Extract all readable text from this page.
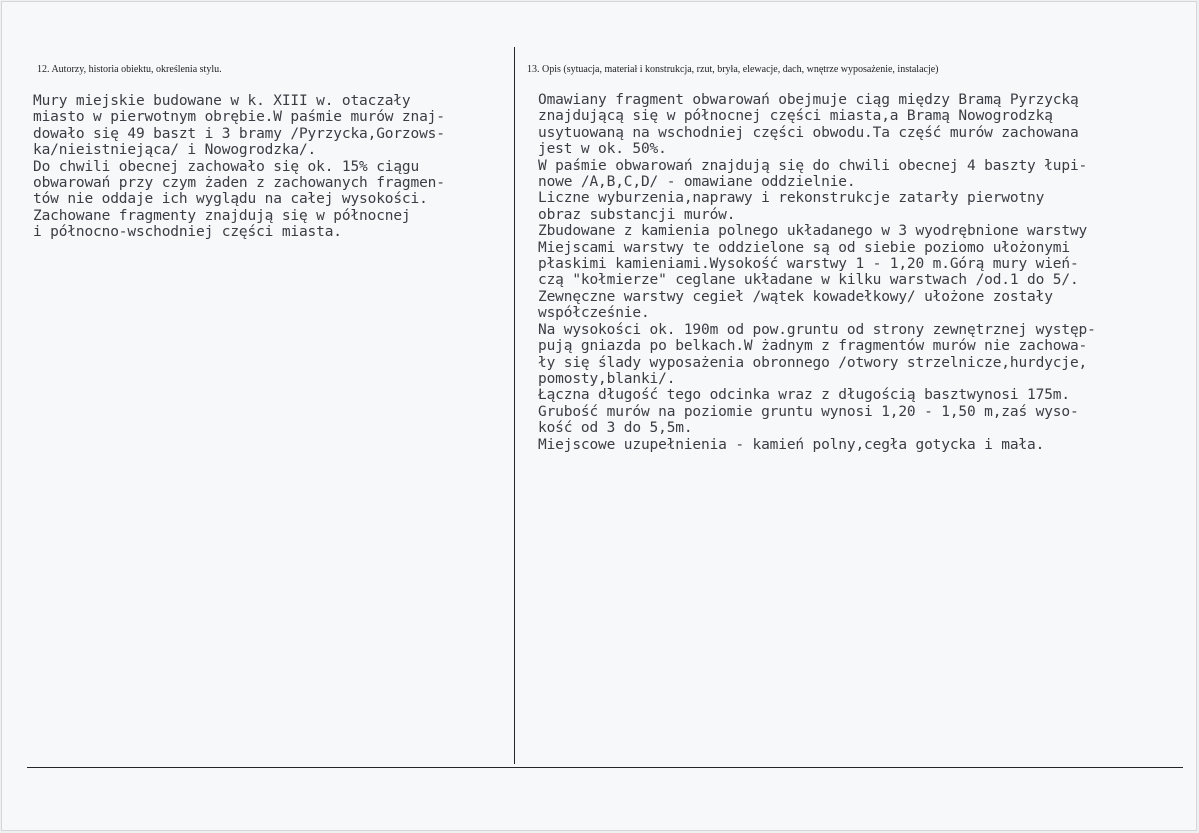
12. Autorzy, historia obiektu, określenia stylu.	13. Opis (sytuacja, materiał i konstrukcja, rzut, bryła, elewacje, dach, wnętrze wyposażenie, instalacje)
Mury miejskie budowane w k. XIII w. otaczały
miasto w pierwotnym obrębie.W paśmie murów znaj-
dowało się 49 baszt i 3 bramy /Pyrzycka,Gorzows-
ka/nieistniejąca/ i Nowogrodzka/.
Do chwili obecnej zachowało się ok. 15% ciągu
obwarowań przy czym żaden z zachowanych fragmen-
tów nie oddaje ich wyglądu na całej wysokości.
Zachowane fragmenty znajdują się w północnej
i północno-wschodniej części miasta.
Omawiany fragment obwarowań obejmuje ciąg między Bramą Pyrzycką
znajdującą się w północnej części miasta,a Bramą Nowogrodzką
usytuowaną na wschodniej części obwodu.Ta część murów zachowana
jest w ok. 50%.
W paśmie obwarowań znajdują się do chwili obecnej 4 baszty łupi-
nowe /A,B,C,D/ - omawiane oddzielnie.
Liczne wyburzenia,naprawy i rekonstrukcje zatarły pierwotny
obraz substancji murów.
Zbudowane z kamienia polnego układanego w 3 wyodrębnione warstwy
Miejscami warstwy te oddzielone są od siebie poziomo ułożonymi
płaskimi kamieniami.Wysokość warstwy 1 - 1,20 m.Górą mury wień-
czą "kołmierze" ceglane układane w kilku warstwach /od.1 do 5/.
Zewnęczne warstwy cegieł /wątek kowadełkowy/ ułożone zostały
współcześnie.
Na wysokości ok. 190m od pow.gruntu od strony zewnętrznej występ-
pują gniazda po belkach.W żadnym z fragmentów murów nie zachowa-
ły się ślady wyposażenia obronnego /otwory strzelnicze,hurdycje,
pomosty,blanki/.
Łączna długość tego odcinka wraz z długością basztwynosi 175m.
Grubość murów na poziomie gruntu wynosi 1,20 - 1,50 m,zaś wyso-
kość od 3 do 5,5m.
Miejscowe uzupełnienia - kamień polny,cegła gotycka i mała.
